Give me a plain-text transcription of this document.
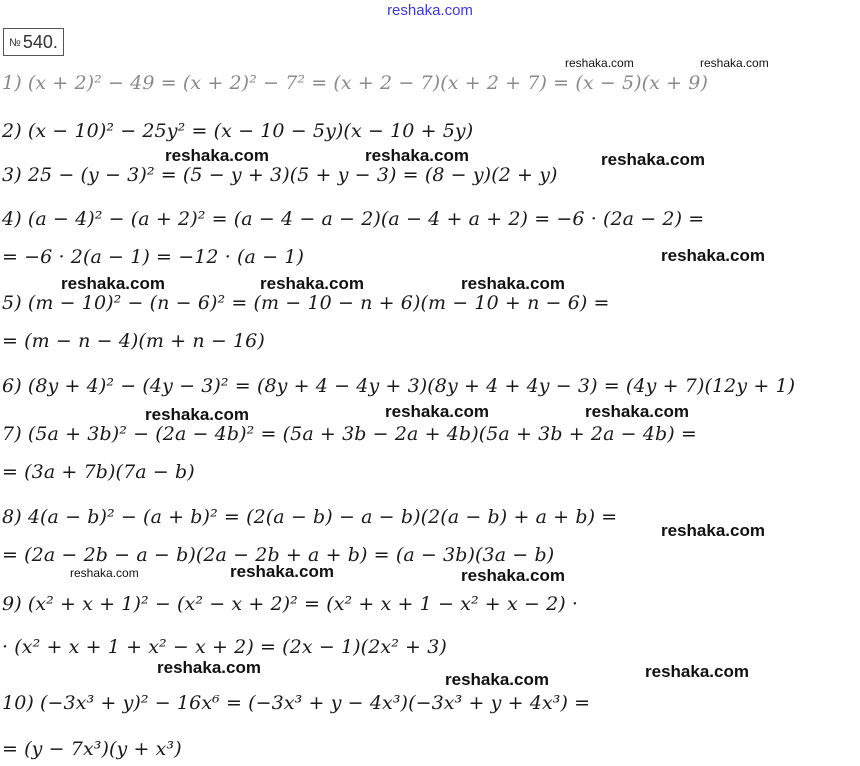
reshaka.com
№ 540.
1) (x + 2)² − 49 = (x + 2)² − 7² = (x + 2 − 7)(x + 2 + 7) = (x − 5)(x + 9)
2) (x − 10)² − 25y² = (x − 10 − 5y)(x − 10 + 5y)
3) 25 − (y − 3)² = (5 − y + 3)(5 + y − 3) = (8 − y)(2 + y)
4) (a − 4)² − (a + 2)² = (a − 4 − a − 2)(a − 4 + a + 2) = −6 · (2a − 2) =
= −6 · 2(a − 1) = −12 · (a − 1)
5) (m − 10)² − (n − 6)² = (m − 10 − n + 6)(m − 10 + n − 6) =
= (m − n − 4)(m + n − 16)
6) (8y + 4)² − (4y − 3)² = (8y + 4 − 4y + 3)(8y + 4 + 4y − 3) = (4y + 7)(12y + 1)
7) (5a + 3b)² − (2a − 4b)² = (5a + 3b − 2a + 4b)(5a + 3b + 2a − 4b) =
= (3a + 7b)(7a − b)
8) 4(a − b)² − (a + b)² = (2(a − b) − a − b)(2(a − b) + a + b) =
= (2a − 2b − a − b)(2a − 2b + a + b) = (a − 3b)(3a − b)
9) (x² + x + 1)² − (x² − x + 2)² = (x² + x + 1 − x² + x − 2) ·
· (x² + x + 1 + x² − x + 2) = (2x − 1)(2x² + 3)
10) (−3x³ + y)² − 16x⁶ = (−3x³ + y − 4x³)(−3x³ + y + 4x³) =
= (y − 7x³)(y + x³)
reshaka.com	reshaka.com
reshaka.com	reshaka.com	reshaka.com
reshaka.com
reshaka.com	reshaka.com	reshaka.com
reshaka.com	reshaka.com	reshaka.com
reshaka.com
reshaka.com	reshaka.com	reshaka.com
reshaka.com	reshaka.com
reshaka.com
